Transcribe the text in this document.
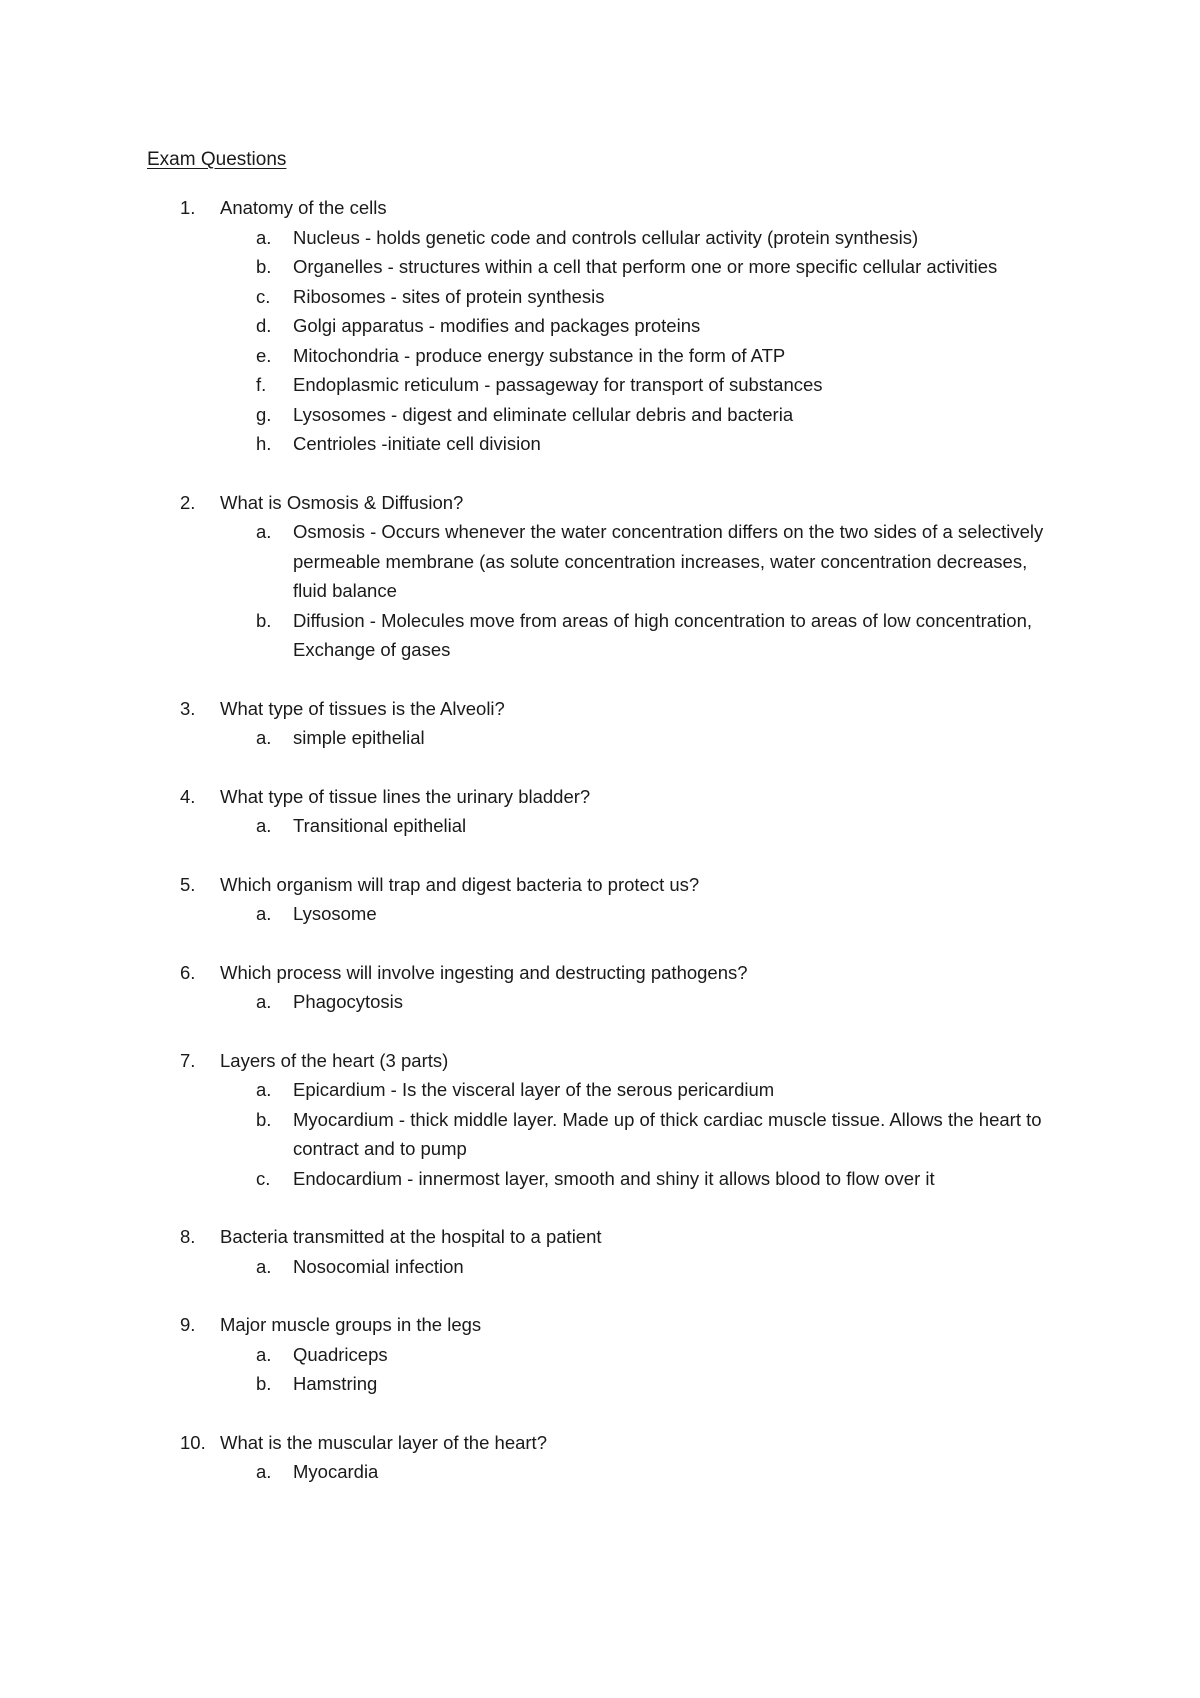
Exam Questions
1.	Anatomy of the cells
a.	Nucleus - holds genetic code and controls cellular activity (protein synthesis)
b.	Organelles - structures within a cell that perform one or more specific cellular activities
c.	Ribosomes - sites of protein synthesis
d.	Golgi apparatus - modifies and packages proteins
e.	Mitochondria - produce energy substance in the form of ATP
f.	Endoplasmic reticulum - passageway for transport of substances
g.	Lysosomes - digest and eliminate cellular debris and bacteria
h.	Centrioles -initiate cell division
2.	What is Osmosis & Diffusion?
a.	Osmosis - Occurs whenever the water concentration differs on the two sides of a selectively permeable membrane (as solute concentration increases, water concentration decreases, fluid balance
b.	Diffusion - Molecules move from areas of high concentration to areas of low concentration, Exchange of gases
3.	What type of tissues is the Alveoli?
a.	simple epithelial
4.	What type of tissue lines the urinary bladder?
a.	Transitional epithelial
5.	Which organism will trap and digest bacteria to protect us?
a.	Lysosome
6.	Which process will involve ingesting and destructing pathogens?
a.	Phagocytosis
7.	Layers of the heart (3 parts)
a.	Epicardium - Is the visceral layer of the serous pericardium
b.	Myocardium - thick middle layer. Made up of thick cardiac muscle tissue. Allows the heart to contract and to pump
c.	Endocardium - innermost layer, smooth and shiny it allows blood to flow over it
8.	Bacteria transmitted at the hospital to a patient
a.	Nosocomial infection
9.	Major muscle groups in the legs
a.	Quadriceps
b.	Hamstring
10. What is the muscular layer of the heart?
a.	Myocardia
